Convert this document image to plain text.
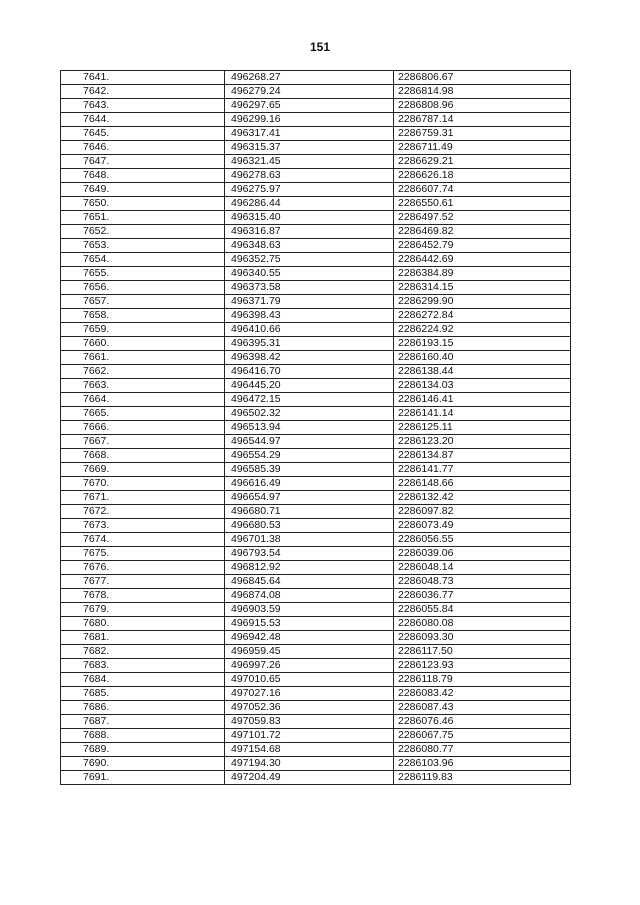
151
7641.	496268.27	2286806.67
7642.	496279.24	2286814.98
7643.	496297.65	2286808.96
7644.	496299.16	2286787.14
7645.	496317.41	2286759.31
7646.	496315.37	2286711.49
7647.	496321.45	2286629.21
7648.	496278.63	2286626.18
7649.	496275.97	2286607.74
7650.	496286.44	2286550.61
7651.	496315.40	2286497.52
7652.	496316.87	2286469.82
7653.	496348.63	2286452.79
7654.	496352.75	2286442.69
7655.	496340.55	2286384.89
7656.	496373.58	2286314.15
7657.	496371.79	2286299.90
7658.	496398.43	2286272.84
7659.	496410.66	2286224.92
7660.	496395.31	2286193.15
7661.	496398.42	2286160.40
7662.	496416.70	2286138.44
7663.	496445.20	2286134.03
7664.	496472.15	2286146.41
7665.	496502.32	2286141.14
7666.	496513.94	2286125.11
7667.	496544.97	2286123.20
7668.	496554.29	2286134.87
7669.	496585.39	2286141.77
7670.	496616.49	2286148.66
7671.	496654.97	2286132.42
7672.	496680.71	2286097.82
7673.	496680.53	2286073.49
7674.	496701.38	2286056.55
7675.	496793.54	2286039.06
7676.	496812.92	2286048.14
7677.	496845.64	2286048.73
7678.	496874.08	2286036.77
7679.	496903.59	2286055.84
7680.	496915.53	2286080.08
7681.	496942.48	2286093.30
7682.	496959.45	2286117.50
7683.	496997.26	2286123.93
7684.	497010.65	2286118.79
7685.	497027.16	2286083.42
7686.	497052.36	2286087.43
7687.	497059.83	2286076.46
7688.	497101.72	2286067.75
7689.	497154.68	2286080.77
7690.	497194.30	2286103.96
7691.	497204.49	2286119.83
